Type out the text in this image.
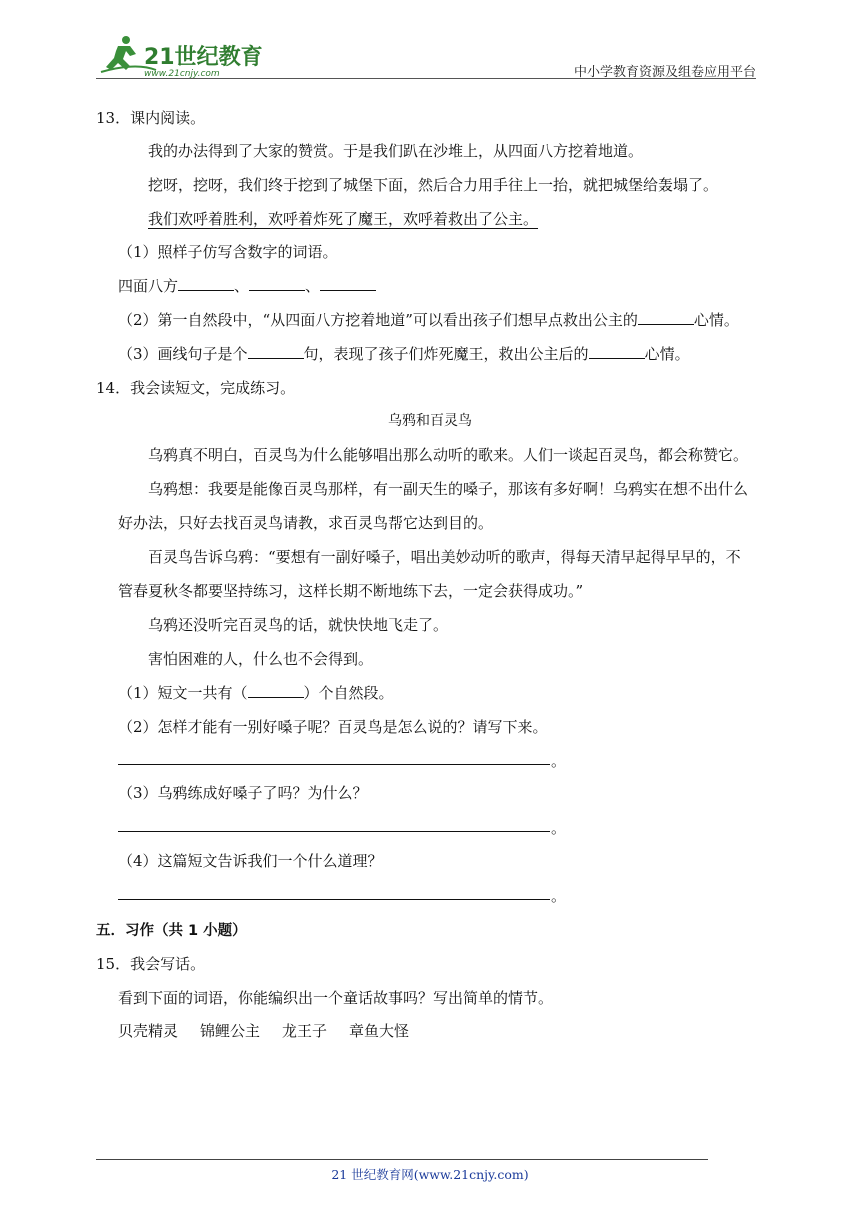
21世纪教育
www.21cnjy.com	中小学教育资源及组卷应用平台
13．课内阅读。
我的办法得到了大家的赞赏。于是我们趴在沙堆上，从四面八方挖着地道。
挖呀，挖呀，我们终于挖到了城堡下面，然后合力用手往上一抬，就把城堡给轰塌了。
我们欢呼着胜利，欢呼着炸死了魔王，欢呼着救出了公主。
（1）照样子仿写含数字的词语。
四面八方	、	、
（2）第一自然段中，“从四面八方挖着地道”可以看出孩子们想早点救出公主的	心情。
（3）画线句子是个	句，表现了孩子们炸死魔王，救出公主后的	心情。
14．我会读短文，完成练习。
乌鸦和百灵鸟
乌鸦真不明白，百灵鸟为什么能够唱出那么动听的歌来。人们一谈起百灵鸟，都会称赞它。
乌鸦想：我要是能像百灵鸟那样，有一副天生的嗓子，那该有多好啊！乌鸦实在想不出什么
好办法，只好去找百灵鸟请教，求百灵鸟帮它达到目的。
百灵鸟告诉乌鸦：“要想有一副好嗓子，唱出美妙动听的歌声，得每天清早起得早早的，不
管春夏秋冬都要坚持练习，这样长期不断地练下去，一定会获得成功。”
乌鸦还没听完百灵鸟的话，就快快地飞走了。
害怕困难的人，什么也不会得到。
（1）短文一共有（	）个自然段。
（2）怎样才能有一别好嗓子呢？百灵鸟是怎么说的？请写下来。
。
（3）乌鸦练成好嗓子了吗？为什么？
。
（4）这篇短文告诉我们一个什么道理？
。
五．习作（共 1 小题）
15．我会写话。
看到下面的词语，你能编织出一个童话故事吗？写出简单的情节。
贝壳精灵 锦鲤公主 龙王子 章鱼大怪
21 世纪教育网(www.21cnjy.com)
